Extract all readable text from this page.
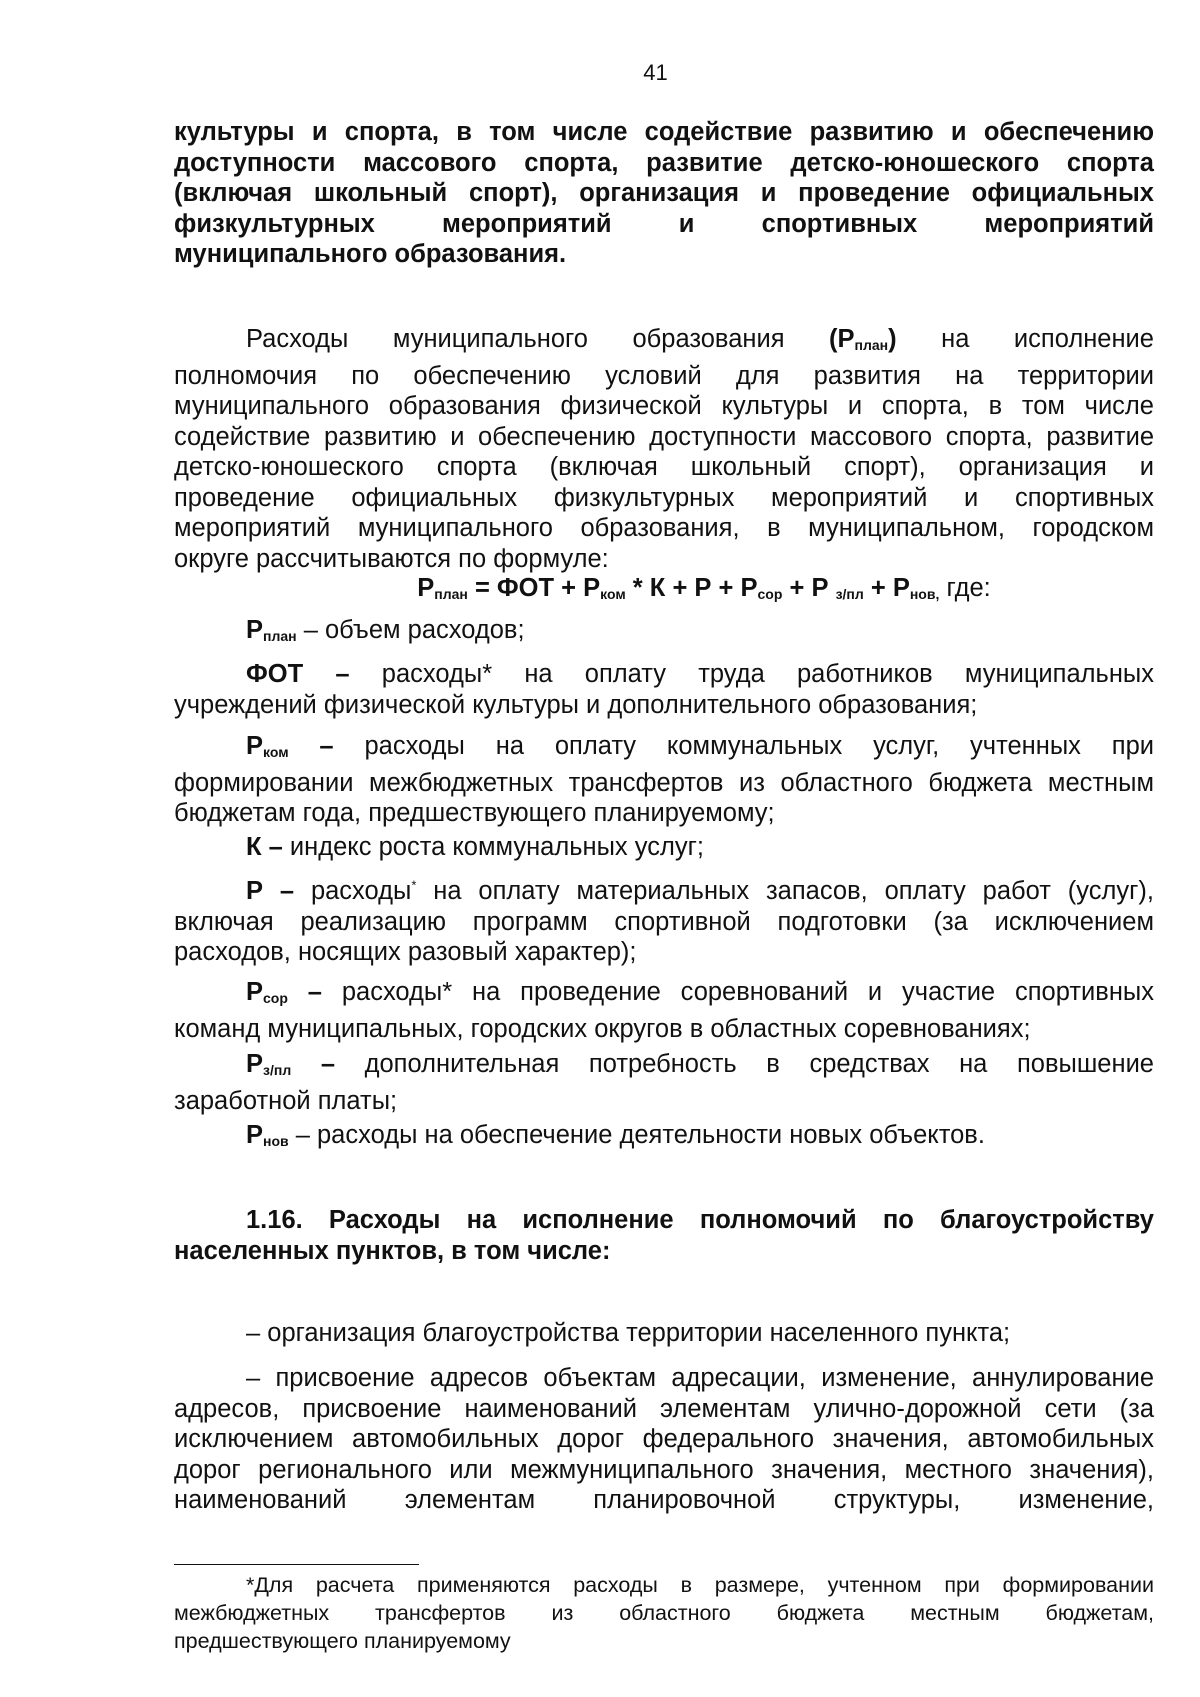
41

культуры и спорта, в том числе содействие развитию и обеспечению

доступности массового спорта, развитие детско-юношеского спорта

(включая школьный спорт), организация и проведение официальных

физкультурных мероприятий и спортивных мероприятий

муниципального образования.

Расходы муниципального образования $(Р_{план})$ на исполнение

полномочия по обеспечению условий для развития на территории

муниципального образования физической культуры и спорта, в том числе

содействие развитию и обеспечению доступности массового спорта, развитие

детско-юношеского спорта (включая школьный спорт), организация и

проведение официальных физкультурных мероприятий и спортивных

мероприятий муниципального образования, в муниципальном, городском

округе рассчитываются по формуле:

$Р_{план}$ = ФОТ + $Р_{ком} * К + Р + Р_{сор} + Р$ $_{з/пл} + Р_{нов,}$ где:

$Р_{план}$ – объем расходов;

ФОТ – расходы* на оплату труда работников муниципальных

учреждений физической культуры и дополнительного образования;

$Р_{ком}$ – расходы на оплату коммунальных услуг, учтенных при

формировании межбюджетных трансфертов из областного бюджета местным

бюджетам года, предшествующего планируемому;

К – индекс роста коммунальных услуг;

Р – расходы* на оплату материальных запасов, оплату работ (услуг),

включая реализацию программ спортивной подготовки (за исключением

расходов, носящих разовый характер);

$Р_{сор}$ – расходы* на проведение соревнований и участие спортивных

команд муниципальных, городских округов в областных соревнованиях;

$Р_{з/пл}$ – дополнительная потребность в средствах на повышение

заработной платы;

$Р_{нов}$ – расходы на обеспечение деятельности новых объектов.

1.16. Расходы на исполнение полномочий по благоустройству

населенных пунктов, в том числе:

– организация благоустройства территории населенного пункта;

– присвоение адресов объектам адресации, изменение, аннулирование

адресов, присвоение наименований элементам улично-дорожной сети (за

исключением автомобильных дорог федерального значения, автомобильных

дорог регионального или межмуниципального значения, местного значения),

наименований элементам планировочной структуры, изменение,

*Для расчета применяются расходы в размере, учтенном при формировании

межбюджетных трансфертов из областного бюджета местным бюджетам,

предшествующего планируемому
